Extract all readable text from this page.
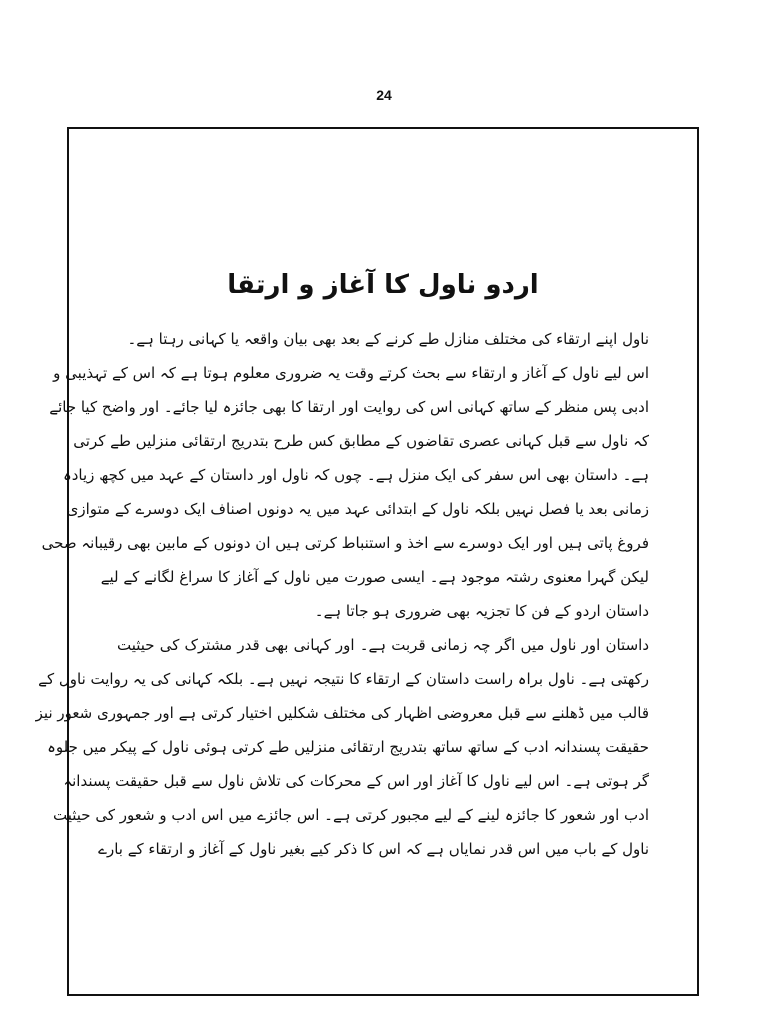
24
اردو ناول کا آغاز و ارتقا
ناول اپنے ارتقاء کی مختلف منازل طے کرنے کے بعد بھی بیان واقعہ یا کہانی رہتا ہے۔
اس لیے ناول کے آغاز و ارتقاء سے بحث کرتے وقت یہ ضروری معلوم ہوتا ہے کہ اس کے تہذیبی و
ادبی پس منظر کے ساتھ کہانی اس کی روایت اور ارتقا کا بھی جائزہ لیا جائے۔ اور واضح کیا جائے
کہ ناول سے قبل کہانی عصری تقاضوں کے مطابق کس طرح بتدریج ارتقائی منزلیں طے کرتی
ہے۔ داستان بھی اس سفر کی ایک منزل ہے۔ چوں کہ ناول اور داستان کے عہد میں کچھ زیادہ
زمانی بعد یا فصل نہیں بلکہ ناول کے ابتدائی عہد میں یہ دونوں اصناف ایک دوسرے کے متوازی
فروغ پاتی ہیں اور ایک دوسرے سے اخذ و استنباط کرتی ہیں ان دونوں کے مابین بھی رقیبانہ صحی
لیکن گہرا معنوی رشتہ موجود ہے۔ ایسی صورت میں ناول کے آغاز کا سراغ لگانے کے لیے
داستان اردو کے فن کا تجزیہ بھی ضروری ہو جاتا ہے۔
داستان اور ناول میں اگر چہ زمانی قربت ہے۔ اور کہانی بھی قدر مشترک کی حیثیت
رکھتی ہے۔ ناول براہ راست داستان کے ارتقاء کا نتیجہ نہیں ہے۔ بلکہ کہانی کی یہ روایت ناول کے
قالب میں ڈھلنے سے قبل معروضی اظہار کی مختلف شکلیں اختیار کرتی ہے اور جمہوری شعور نیز
حقیقت پسندانہ ادب کے ساتھ ساتھ بتدریج ارتقائی منزلیں طے کرتی ہوئی ناول کے پیکر میں جلوہ
گر ہوتی ہے۔ اس لیے ناول کا آغاز اور اس کے محرکات کی تلاش ناول سے قبل حقیقت پسندانہ
ادب اور شعور کا جائزہ لینے کے لیے مجبور کرتی ہے۔ اس جائزے میں اس ادب و شعور کی حیثیت
ناول کے باب میں اس قدر نمایاں ہے کہ اس کا ذکر کیے بغیر ناول کے آغاز و ارتقاء کے بارے
